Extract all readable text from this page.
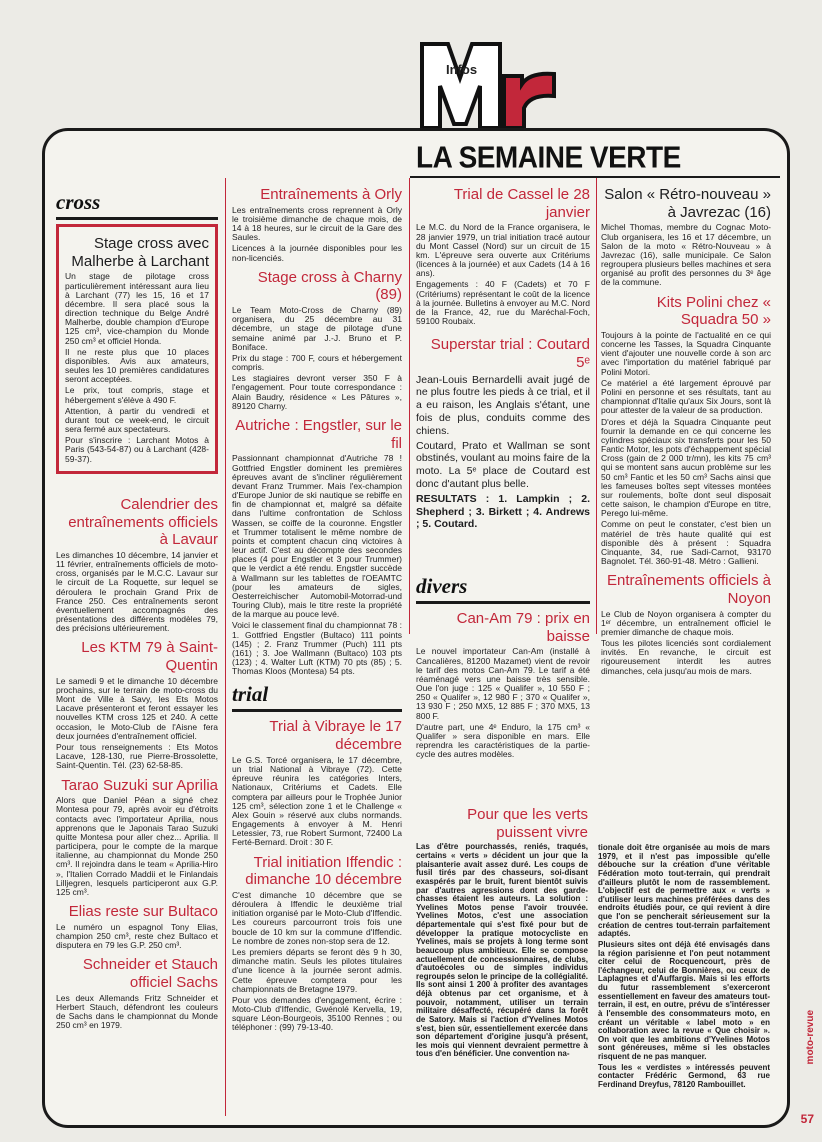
Infos
LA SEMAINE VERTE
cross
Stage cross avec Malherbe à Larchant

Un stage de pilotage cross particulièrement intéressant aura lieu à Larchant (77) les 15, 16 et 17 décembre. Il sera placé sous la direction technique du Belge André Malherbe, double champion d'Europe 125 cm³, vice-champion du Monde 250 cm³ et officiel Honda.

Il ne reste plus que 10 places disponibles. Avis aux amateurs, seules les 10 premières candidatures seront acceptées.

Le prix, tout compris, stage et hébergement s'élève à 490 F.

Attention, à partir du vendredi et durant tout ce week-end, le circuit sera fermé aux spectateurs.

Pour s'inscrire : Larchant Motos à Paris (543-54-87) ou à Larchant (428-59-37).

Calendrier des entraînements officiels à Lavaur

Les dimanches 10 décembre, 14 janvier et 11 février, entraînements officiels de moto-cross, organisés par le M.C.C. Lavaur sur le circuit de La Roquette, sur lequel se déroulera le prochain Grand Prix de France 250. Ces entraînements seront éventuellement accompagnés des présentations des différents modèles 79, des précisions ultérieurement.

Les KTM 79 à Saint-Quentin

Le samedi 9 et le dimanche 10 décembre prochains, sur le terrain de moto-cross du Mont de Ville à Savy, les Ets Motos Lacave présenteront et feront essayer les nouvelles KTM cross 125 et 240. A cette occasion, le Moto-Club de l'Aisne fera deux journées d'entraînement officiel.

Pour tous renseignements : Ets Motos Lacave, 128-130, rue Pierre-Brossolette, Saint-Quentin. Tél. (23) 62-58-85.

Tarao Suzuki sur Aprilia

Alors que Daniel Péan a signé chez Montesa pour 79, après avoir eu d'étroits contacts avec l'importateur Aprilia, nous apprenons que le Japonais Tarao Suzuki quitte Montesa pour aller chez... Aprilia. Il participera, pour le compte de la marque italienne, au championnat du Monde 250 cm³. Il rejoindra dans le team « Aprilia-Hiro », l'Italien Corrado Maddii et le Finlandais Lilljegren, lesquels participeront aux G.P. 125 cm³.

Elias reste sur Bultaco

Le numéro un espagnol Tony Elias, champion 250 cm³, reste chez Bultaco et disputera en 79 les G.P. 250 cm³.

Schneider et Stauch officiel Sachs

Les deux Allemands Fritz Schneider et Herbert Stauch, défendront les couleurs de Sachs dans le championnat du Monde 250 cm³ en 1979.

Entraînements à Orly

Les entraînements cross reprennent à Orly le troisième dimanche de chaque mois, de 14 à 18 heures, sur le circuit de la Gare des Saules.

Licences à la journée disponibles pour les non-licenciés.

Stage cross à Charny (89)

Le Team Moto-Cross de Charny (89) organisera, du 25 décembre au 31 décembre, un stage de pilotage d'une semaine animé par J.-J. Bruno et P. Boniface.

Prix du stage : 700 F, cours et hébergement compris.

Les stagiaires devront verser 350 F à l'engagement. Pour toute correspondance : Alain Baudry, résidence « Les Pâtures », 89120 Charny.

Autriche : Engstler, sur le fil

Passionnant championnat d'Autriche 78 ! Gottfried Engstler dominent les premières épreuves avant de s'incliner régulièrement devant Franz Trummer. Mais l'ex-champion d'Europe Junior de ski nautique se rebiffe en fin de championnat et, malgré sa défaite dans l'ultime confrontation de Schloss Wassen, se coiffe de la couronne. Engstler et Trummer totalisent le même nombre de points et comptent chacun cinq victoires à leur actif. C'est au décompte des secondes places (4 pour Engstler et 3 pour Trummer) que le verdict a été rendu. Engstler succède à Wallmann sur les tablettes de l'OEAMTC (pour les amateurs de sigles, Oesterreichischer Automobil-Motorrad-und Touring Club), mais le titre reste la propriété de la marque au pouce levé.

Voici le classement final du championnat 78 : 1. Gottfried Engstler (Bultaco) 111 points (145) ; 2. Franz Trummer (Puch) 111 pts (161) ; 3. Joe Wallmann (Bultaco) 103 pts (123) ; 4. Walter Luft (KTM) 70 pts (85) ; 5. Thomas Kloos (Montesa) 54 pts.

trial
Trial à Vibraye le 17 décembre

Le G.S. Torcé organisera, le 17 décembre, un trial National à Vibraye (72). Cette épreuve réunira les catégories Inters, Nationaux, Critériums et Cadets. Elle comptera par ailleurs pour le Trophée Junior 125 cm³, sélection zone 1 et le Challenge « Alex Gouin » réservé aux clubs normands. Engagements à envoyer à M. Henri Letessier, 73, rue Robert Surmont, 72400 La Ferté-Bernard. Droit : 30 F.

Trial initiation Iffendic : dimanche 10 décembre

C'est dimanche 10 décembre que se déroulera à Iffendic le deuxième trial initiation organisé par le Moto-Club d'Iffendic. Les coureurs parcourront trois fois une boucle de 10 km sur la commune d'Iffendic. Le nombre de zones non-stop sera de 12.

Les premiers départs se feront dès 9 h 30, dimanche matin. Seuls les pilotes titulaires d'une licence à la journée seront admis. Cette épreuve comptera pour les championnats de Bretagne 1979.

Pour vos demandes d'engagement, écrire : Moto-Club d'Iffendic, Gwénolé Kervella, 19, square Léon-Bourgeois, 35100 Rennes ; ou téléphoner : (99) 79-13-40.

Trial de Cassel le 28 janvier

Le M.C. du Nord de la France organisera, le 28 janvier 1979, un trial initiation tracé autour du Mont Cassel (Nord) sur un circuit de 15 km. L'épreuve sera ouverte aux Critériums (licences à la journée) et aux Cadets (14 à 16 ans).

Engagements : 40 F (Cadets) et 70 F (Critériums) représentant le coût de la licence à la journée. Bulletins à envoyer au M.C. Nord de la France, 42, rue du Maréchal-Foch, 59100 Roubaix.

Superstar trial : Coutard 5ᵉ

Jean-Louis Bernardelli avait jugé de ne plus foutre les pieds à ce trial, et il a eu raison, les Anglais s'étant, une fois de plus, conduits comme des chiens.

Coutard, Prato et Wallman se sont obstinés, voulant au moins faire de la moto. La 5ᵉ place de Coutard est donc d'autant plus belle.

RESULTATS : 1. Lampkin ; 2. Shepherd ; 3. Birkett ; 4. Andrews ; 5. Coutard.

divers
Can-Am 79 : prix en baisse

Le nouvel importateur Can-Am (installé à Cancalières, 81200 Mazamet) vient de revoir le tarif des motos Can-Am 79. Le tarif a été réaménagé vers une baisse très sensible. Oue l'on juge : 125 « Qualifer », 10 550 F ; 250 « Qualifer », 12 980 F ; 370 « Qualifer », 13 930 F ; 250 MX5, 12 885 F ; 370 MX5, 13 800 F.

D'autre part, une 4ᵉ Enduro, la 175 cm³ « Qualifer » sera disponible en mars. Elle reprendra les caractéristiques de la partie-cycle des autres modèles.

Salon « Rétro-nouveau » à Javrezac (16)

Michel Thomas, membre du Cognac Moto-Club organisera, les 16 et 17 décembre, un Salon de la moto « Rétro-Nouveau » à Javrezac (16), salle municipale. Ce Salon regroupera plusieurs belles machines et sera organisé au profit des personnes du 3ᵉ âge de la commune.

Kits Polini chez « Squadra 50 »

Toujours à la pointe de l'actualité en ce qui concerne les Tasses, la Squadra Cinquante vient d'ajouter une nouvelle corde à son arc avec l'importation du matériel fabriqué par Polini Motori.

Ce matériel a été largement éprouvé par Polini en personne et ses résultats, tant au championnat d'Italie qu'aux Six Jours, sont là pour attester de la valeur de sa production.

D'ores et déjà la Squadra Cinquante peut fournir la demande en ce qui concerne les cylindres spéciaux six transferts pour les 50 Fantic Motor, les pots d'échappement spécial Cross (gain de 2 000 tr/mn), les kits 75 cm³ qui se montent sans aucun problème sur les 50 cm³ Fantic et les 50 cm³ Sachs ainsi que les fameuses boîtes sept vitesses montées sur roulements, boîte dont seul disposait cette saison, le champion d'Europe en titre, Perego lui-même.

Comme on peut le constater, c'est bien un matériel de très haute qualité qui est disponible dès à présent : Squadra Cinquante, 34, rue Sadi-Carnot, 93170 Bagnolet. Tél. 360-91-48. Métro : Gallieni.

Entraînements officiels à Noyon

Le Club de Noyon organisera à compter du 1ᵉʳ décembre, un entraînement officiel le premier dimanche de chaque mois.

Tous les pilotes licenciés sont cordialement invités. En revanche, le circuit est rigoureusement interdit les autres dimanches, cela jusqu'au mois de mars.

Pour que les verts puissent vivre

Las d'être pourchassés, reniés, traqués, certains « verts » décident un jour que la plaisanterie avait assez duré. Les coups de fusil tirés par des chasseurs, soi-disant exaspérés par le bruit, furent bientôt suivis par d'autres agressions dont des garde-chasses étaient les auteurs. La solution : Yvelines Motos pense l'avoir trouvée. Yvelines Motos, c'est une association départementale qui s'est fixé pour but de développer la pratique motocycliste en Yvelines, mais se projets à long terme sont beaucoup plus ambitieux. Elle se compose actuellement de concessionnaires, de clubs, d'autoécoles ou de simples individus regroupés selon le principe de la collégialité. Ils sont ainsi 1 200 à profiter des avantages déjà obtenus par cet organisme, et à pouvoir, notamment, utiliser un terrain militaire désaffecté, récupéré dans la forêt de Satory. Mais si l'action d'Yvelines Motos s'est, bien sûr, essentiellement exercée dans son département d'origine jusqu'à présent, les mois qui viennent devraient permettre à tous d'en bénéficier. Une convention na-

tionale doit être organisée au mois de mars 1979, et il n'est pas impossible qu'elle débouche sur la création d'une véritable Fédération moto tout-terrain, qui prendrait d'ailleurs plutôt le nom de rassemblement. L'objectif est de permettre aux « verts » d'utiliser leurs machines préférées dans des endroits étudiés pour, ce qui revient à dire que l'on se pencherait sérieusement sur la création de centres tout-terrain parfaitement adaptés.

Plusieurs sites ont déjà été envisagés dans la région parisienne et l'on peut notamment citer celui de Rocquencourt, près de l'échangeur, celui de Bonnières, ou ceux de Laplagnes et d'Auffargis. Mais si les efforts du futur rassemblement s'exerceront essentiellement en faveur des amateurs tout-terrain, il est, en outre, prévu de s'intéresser à l'ensemble des consommateurs moto, en créant un véritable « label moto » en collaboration avec la revue « Que choisir ». On voit que les ambitions d'Yvelines Motos sont généreuses, même si les obstacles risquent de ne pas manquer.

Tous les « verdistes » intéressés peuvent contacter Frédéric Germond, 63 rue Ferdinand Dreyfus, 78120 Rambouillet.

moto-revue
57
